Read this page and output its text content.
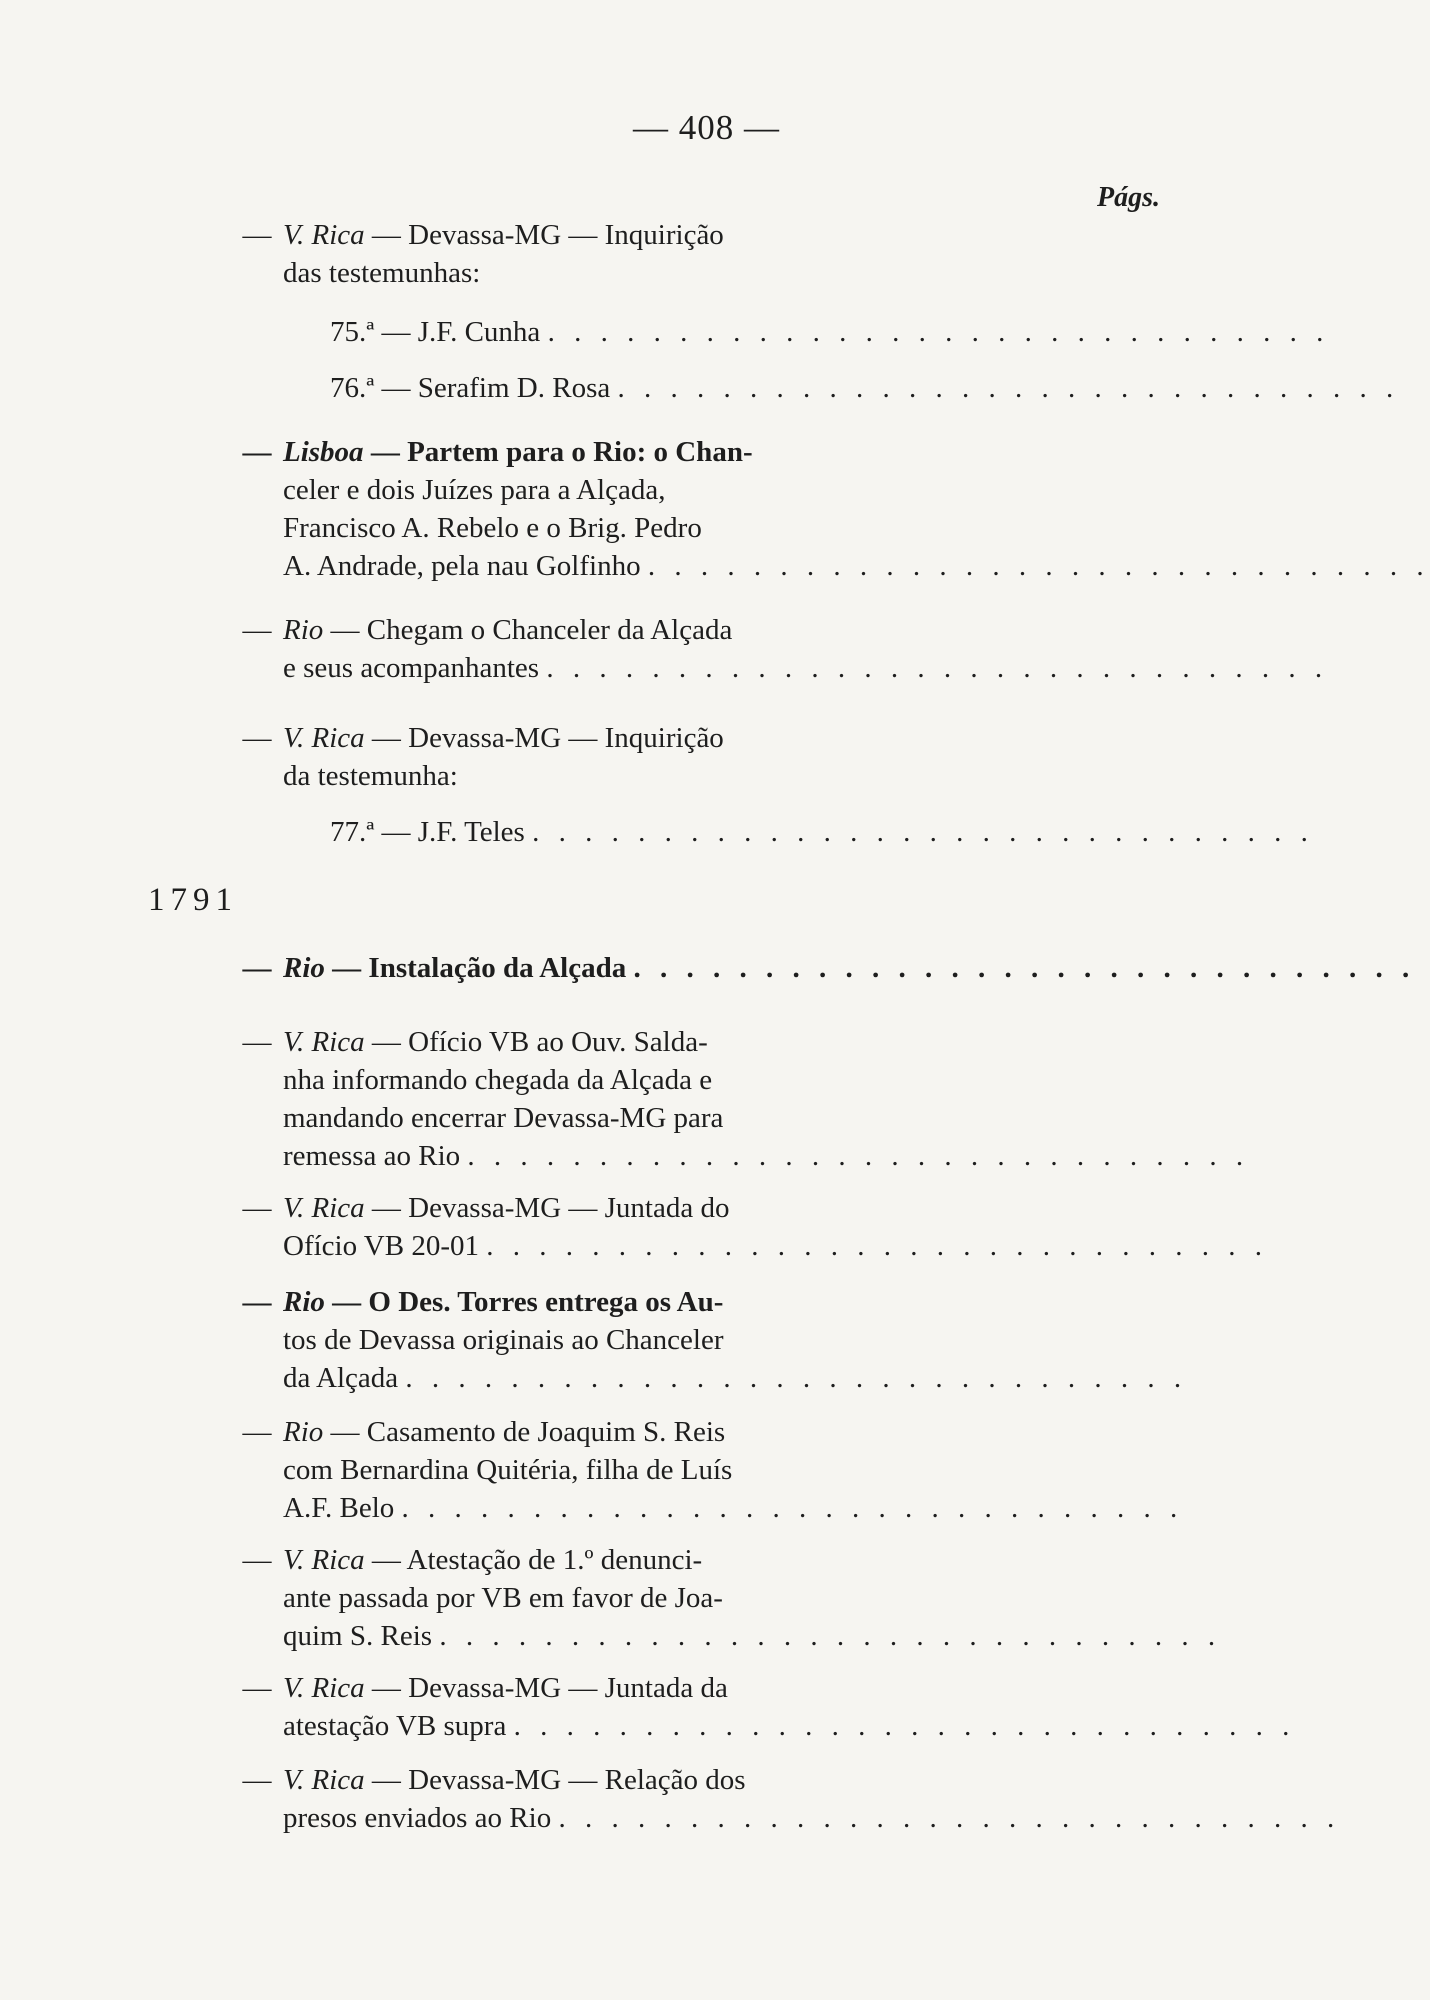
— 408 —
Págs.
— V. Rica — Devassa-MG — Inquirição
das testemunhas:
75.ª — J.F. Cunha . . . . . . . . . . . . . . . . . . . . . . . . . . . . . .
76.ª — Serafim D. Rosa . . . . . . . . . . . . . . . . . . . . . . . . . . . . . .
— Lisboa — Partem para o Rio: o Chan-
celer e dois Juízes para a Alçada,
Francisco A. Rebelo e o Brig. Pedro
A. Andrade, pela nau Golfinho . . . . . . . . . . . . . . . . . . . . . . . . . . . . . .
— Rio — Chegam o Chanceler da Alçada
e seus acompanhantes . . . . . . . . . . . . . . . . . . . . . . . . . . . . . .
— V. Rica — Devassa-MG — Inquirição
da testemunha:
77.ª — J.F. Teles . . . . . . . . . . . . . . . . . . . . . . . . . . . . . .
1791
— Rio — Instalação da Alçada . . . . . . . . . . . . . . . . . . . . . . . . . . . . . .
— V. Rica — Ofício VB ao Ouv. Salda-
nha informando chegada da Alçada e
mandando encerrar Devassa-MG para
remessa ao Rio . . . . . . . . . . . . . . . . . . . . . . . . . . . . . .
— V. Rica — Devassa-MG — Juntada do
Ofício VB 20-01 . . . . . . . . . . . . . . . . . . . . . . . . . . . . . .
— Rio — O Des. Torres entrega os Au-
tos de Devassa originais ao Chanceler
da Alçada . . . . . . . . . . . . . . . . . . . . . . . . . . . . . .
— Rio — Casamento de Joaquim S. Reis
com Bernardina Quitéria, filha de Luís
A.F. Belo . . . . . . . . . . . . . . . . . . . . . . . . . . . . . .
— V. Rica — Atestação de 1.º denunci-
ante passada por VB em favor de Joa-
quim S. Reis . . . . . . . . . . . . . . . . . . . . . . . . . . . . . .
— V. Rica — Devassa-MG — Juntada da
atestação VB supra . . . . . . . . . . . . . . . . . . . . . . . . . . . . . .
— V. Rica — Devassa-MG — Relação dos
presos enviados ao Rio . . . . . . . . . . . . . . . . . . . . . . . . . . . . . .
